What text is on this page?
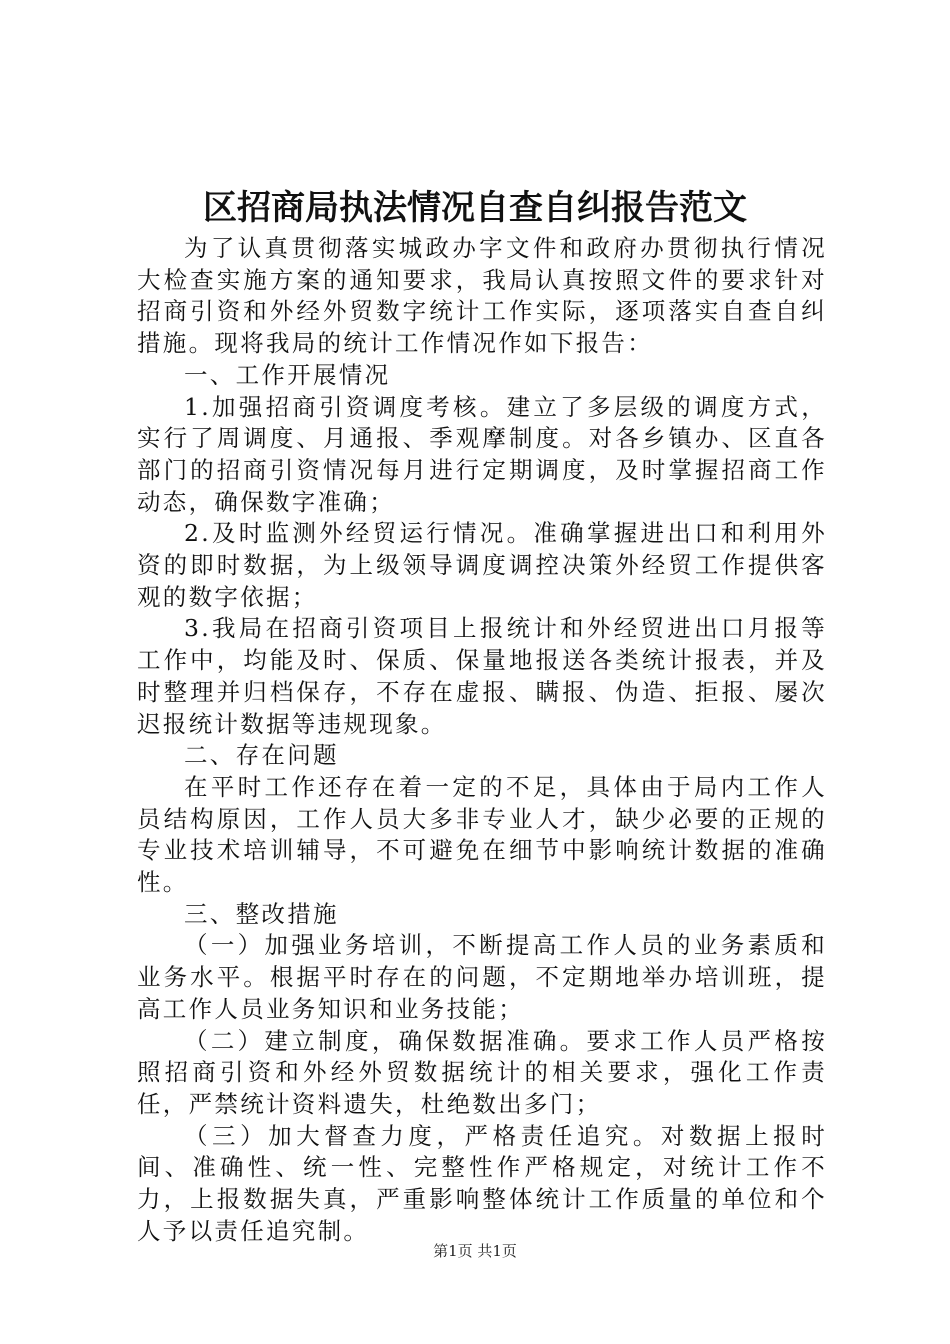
区招商局执法情况自查自纠报告范文

为了认真贯彻落实城政办字文件和政府办贯彻执行情况大检查实施方案的通知要求，我局认真按照文件的要求针对招商引资和外经外贸数字统计工作实际，逐项落实自查自纠措施。现将我局的统计工作情况作如下报告：

一、工作开展情况

1.加强招商引资调度考核。建立了多层级的调度方式，实行了周调度、月通报、季观摩制度。对各乡镇办、区直各部门的招商引资情况每月进行定期调度，及时掌握招商工作动态，确保数字准确；

2.及时监测外经贸运行情况。准确掌握进出口和利用外资的即时数据，为上级领导调度调控决策外经贸工作提供客观的数字依据；

3.我局在招商引资项目上报统计和外经贸进出口月报等工作中，均能及时、保质、保量地报送各类统计报表，并及时整理并归档保存，不存在虚报、瞒报、伪造、拒报、屡次迟报统计数据等违规现象。

二、存在问题

在平时工作还存在着一定的不足，具体由于局内工作人员结构原因，工作人员大多非专业人才，缺少必要的正规的专业技术培训辅导，不可避免在细节中影响统计数据的准确性。

三、整改措施

（一）加强业务培训，不断提高工作人员的业务素质和业务水平。根据平时存在的问题，不定期地举办培训班，提高工作人员业务知识和业务技能；

（二）建立制度，确保数据准确。要求工作人员严格按照招商引资和外经外贸数据统计的相关要求，强化工作责任，严禁统计资料遗失，杜绝数出多门；

（三）加大督查力度，严格责任追究。对数据上报时间、准确性、统一性、完整性作严格规定，对统计工作不力，上报数据失真，严重影响整体统计工作质量的单位和个人予以责任追究制。

第1页 共1页
